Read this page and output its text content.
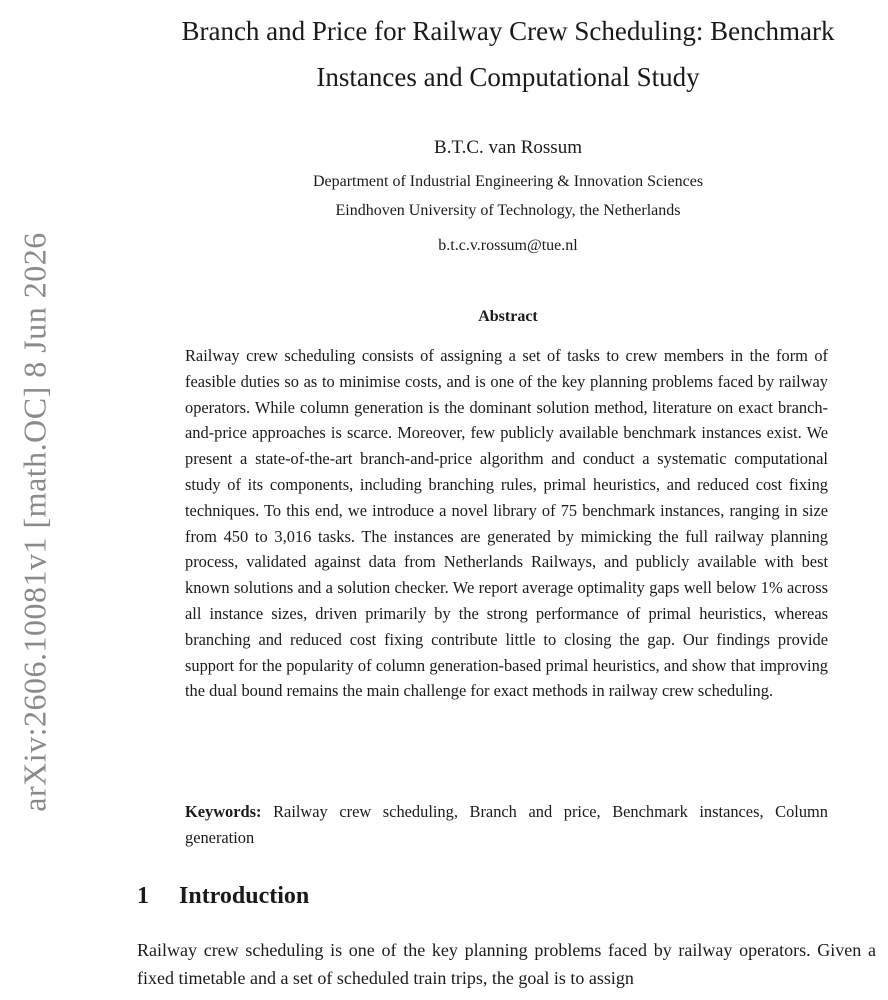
arXiv:2606.10081v1 [math.OC] 8 Jun 2026
Branch and Price for Railway Crew Scheduling: Benchmark Instances and Computational Study
B.T.C. van Rossum
Department of Industrial Engineering & Innovation Sciences
Eindhoven University of Technology, the Netherlands
b.t.c.v.rossum@tue.nl
Abstract

Railway crew scheduling consists of assigning a set of tasks to crew members in the form of feasible duties so as to minimise costs, and is one of the key planning problems faced by railway operators. While column generation is the dominant solution method, literature on exact branch-and-price approaches is scarce. Moreover, few publicly available benchmark instances exist. We present a state-of-the-art branch-and-price algorithm and conduct a systematic computational study of its components, including branching rules, primal heuristics, and reduced cost fixing techniques. To this end, we introduce a novel library of 75 benchmark instances, ranging in size from 450 to 3,016 tasks. The instances are generated by mimicking the full railway planning process, validated against data from Netherlands Railways, and publicly available with best known solutions and a solution checker. We report average optimality gaps well below 1% across all instance sizes, driven primarily by the strong performance of primal heuristics, whereas branching and reduced cost fixing contribute little to closing the gap. Our findings provide support for the popularity of column generation-based primal heuristics, and show that improving the dual bound remains the main challenge for exact methods in railway crew scheduling.

Keywords: Railway crew scheduling, Branch and price, Benchmark instances, Column generation

1 Introduction

Railway crew scheduling is one of the key planning problems faced by railway operators. Given a fixed timetable and a set of scheduled train trips, the goal is to assign
